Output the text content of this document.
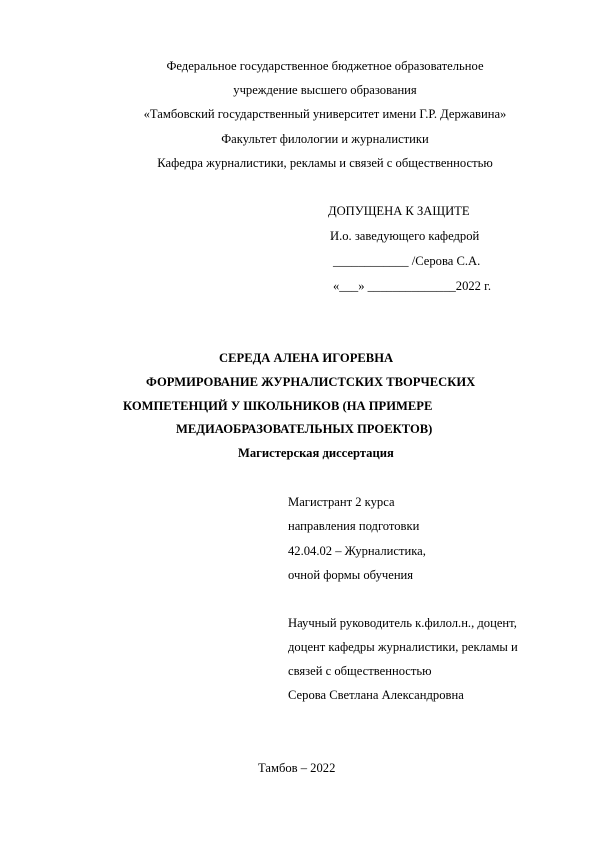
Федеральное государственное бюджетное образовательное
учреждение высшего образования
«Тамбовский государственный университет имени Г.Р. Державина»
Факультет филологии и журналистики
Кафедра журналистики, рекламы и связей с общественностью
ДОПУЩЕНА К ЗАЩИТЕ
И.о. заведующего кафедрой
____________ /Серова С.А.
«___» ______________2022 г.
СЕРЕДА АЛЕНА ИГОРЕВНА
ФОРМИРОВАНИЕ ЖУРНАЛИСТСКИХ ТВОРЧЕСКИХ
КОМПЕТЕНЦИЙ У ШКОЛЬНИКОВ (НА ПРИМЕРЕ
МЕДИАОБРАЗОВАТЕЛЬНЫХ ПРОЕКТОВ)
Магистерская диссертация
Магистрант 2 курса
направления подготовки
42.04.02 – Журналистика,
очной формы обучения
Научный руководитель к.филол.н., доцент,
доцент кафедры журналистики, рекламы и
связей с общественностью
Серова Светлана Александровна
Тамбов – 2022
